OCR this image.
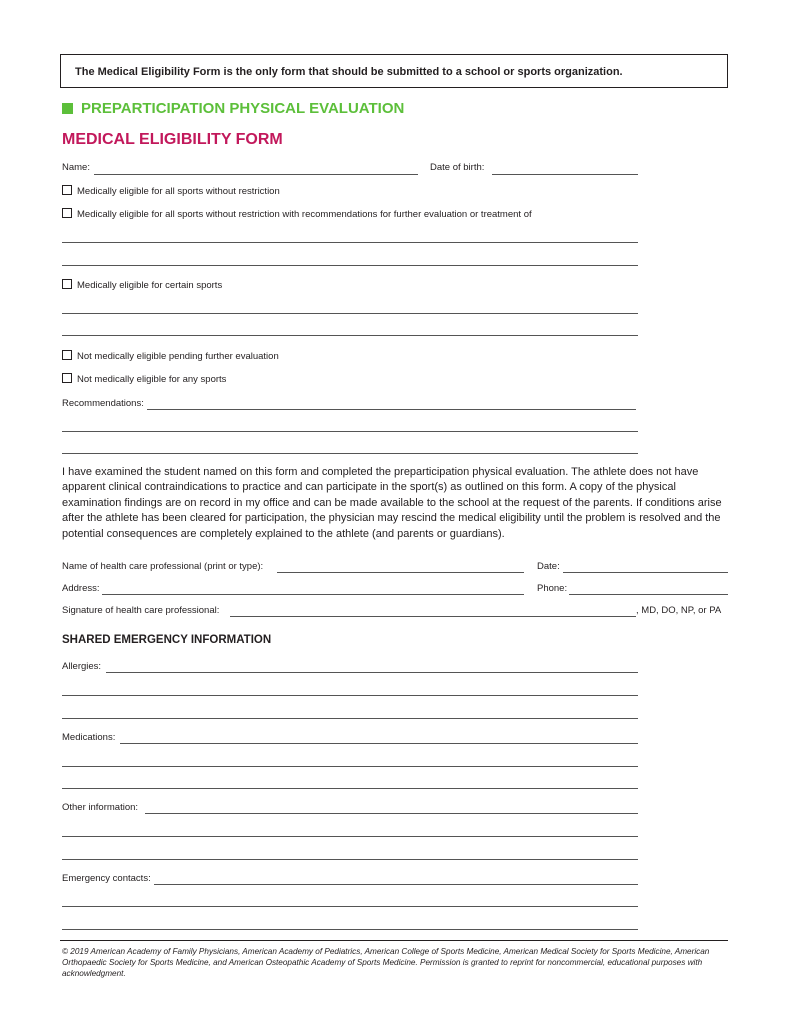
The Medical Eligibility Form is the only form that should be submitted to a school or sports organization.
PREPARTICIPATION PHYSICAL EVALUATION
MEDICAL ELIGIBILITY FORM
Name:	Date of birth:
Medically eligible for all sports without restriction
Medically eligible for all sports without restriction with recommendations for further evaluation or treatment of
Medically eligible for certain sports
Not medically eligible pending further evaluation
Not medically eligible for any sports
Recommendations:
I have examined the student named on this form and completed the preparticipation physical evaluation. The athlete does not have apparent clinical contraindications to practice and can participate in the sport(s) as outlined on this form. A copy of the physical examination findings are on record in my office and can be made available to the school at the request of the parents. If conditions arise after the athlete has been cleared for participation, the physician may rescind the medical eligibility until the problem is resolved and the potential consequences are completely explained to the athlete (and parents or guardians).
Name of health care professional (print or type):	Date:
Address:	Phone:
Signature of health care professional:	, MD, DO, NP, or PA
SHARED EMERGENCY INFORMATION
Allergies:
Medications:
Other information:
Emergency contacts:
© 2019 American Academy of Family Physicians, American Academy of Pediatrics, American College of Sports Medicine, American Medical Society for Sports Medicine, American Orthopaedic Society for Sports Medicine, and American Osteopathic Academy of Sports Medicine. Permission is granted to reprint for noncommercial, educational purposes with acknowledgment.
